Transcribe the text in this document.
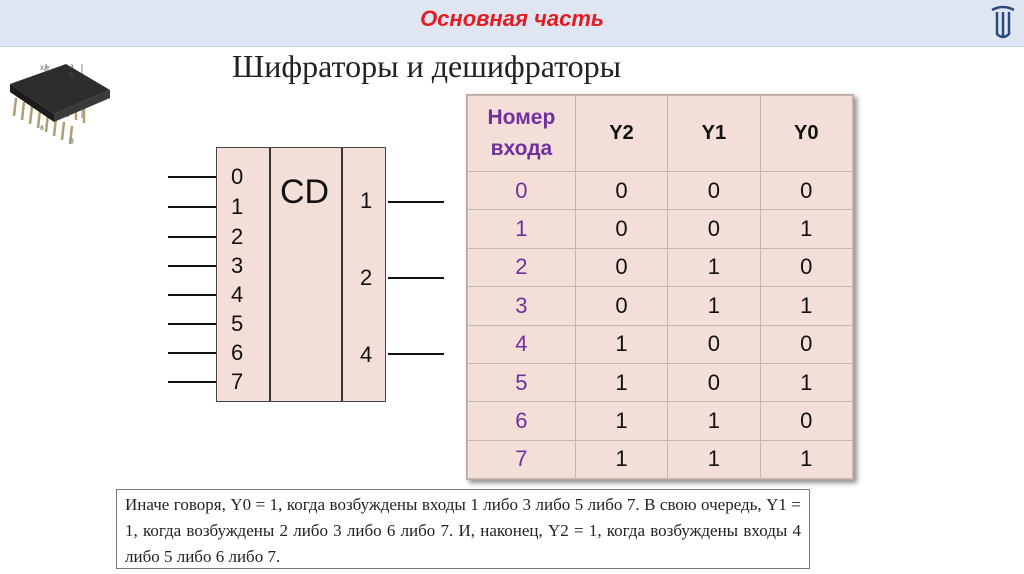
Основная часть
X/Y	a
b
g
8
Шифраторы и дешифраторы
CD
0
1
2
3
4
5
6
7
1
2
4
Номер
входа	Y2	Y1	Y0
0	0	0	0
1	0	0	1
2	0	1	0
3	0	1	1
4	1	0	0
5	1	0	1
6	1	1	0
7	1	1	1
Иначе говоря, Y0 = 1, когда возбуждены входы 1 либо 3 либо 5 либо 7. В свою очередь, Y1 = 1, когда возбуждены 2 либо 3 либо 6 либо 7. И, наконец, Y2 = 1, когда возбуждены входы 4 либо 5 либо 6 либо 7.
